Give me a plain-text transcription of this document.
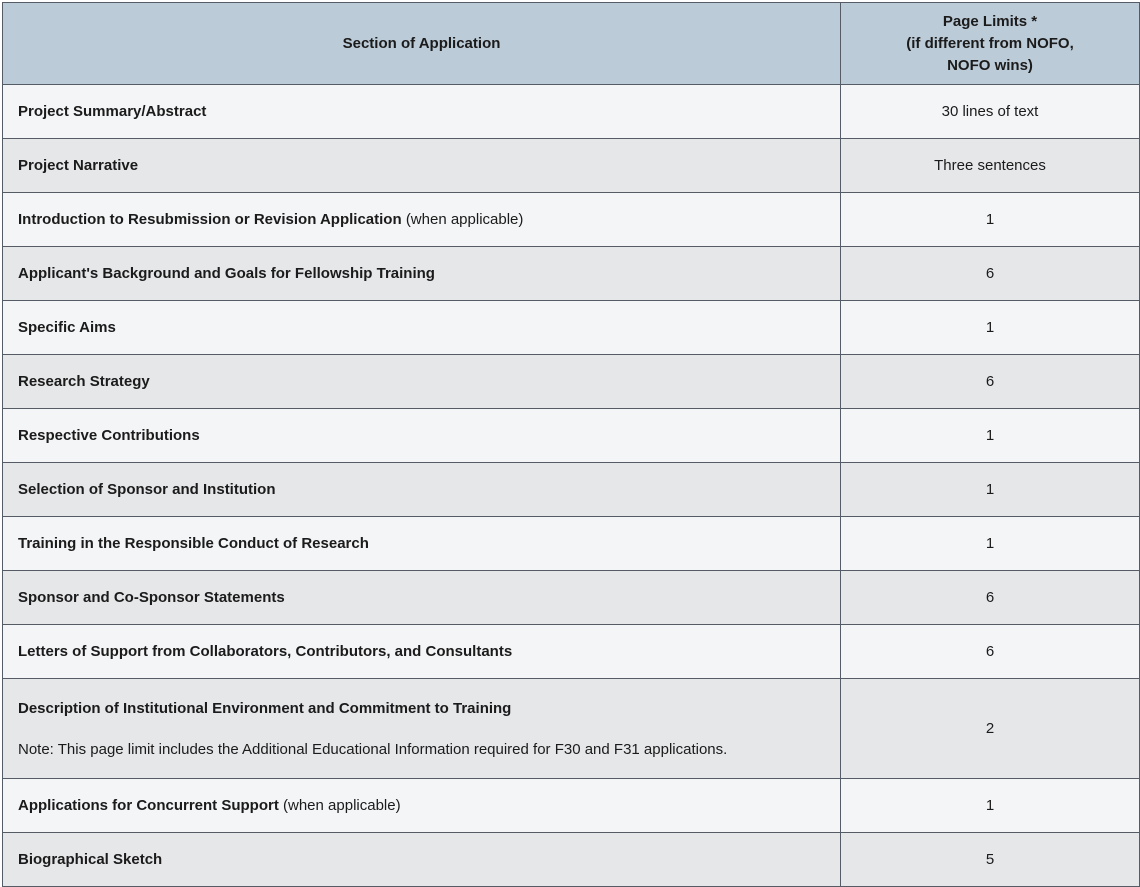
Section of Application	Page Limits *
(if different from NOFO,
NOFO wins)

Project Summary/Abstract	30 lines of text
Project Narrative	Three sentences
Introduction to Resubmission or Revision Application (when applicable)	1
Applicant's Background and Goals for Fellowship Training	6
Specific Aims	1
Research Strategy	6
Respective Contributions	1
Selection of Sponsor and Institution	1
Training in the Responsible Conduct of Research	1
Sponsor and Co-Sponsor Statements	6
Letters of Support from Collaborators, Contributors, and Consultants	6
Description of Institutional Environment and Commitment to Training
Note: This page limit includes the Additional Educational Information required for F30 and F31 applications.	2
Applications for Concurrent Support (when applicable)	1
Biographical Sketch	5
